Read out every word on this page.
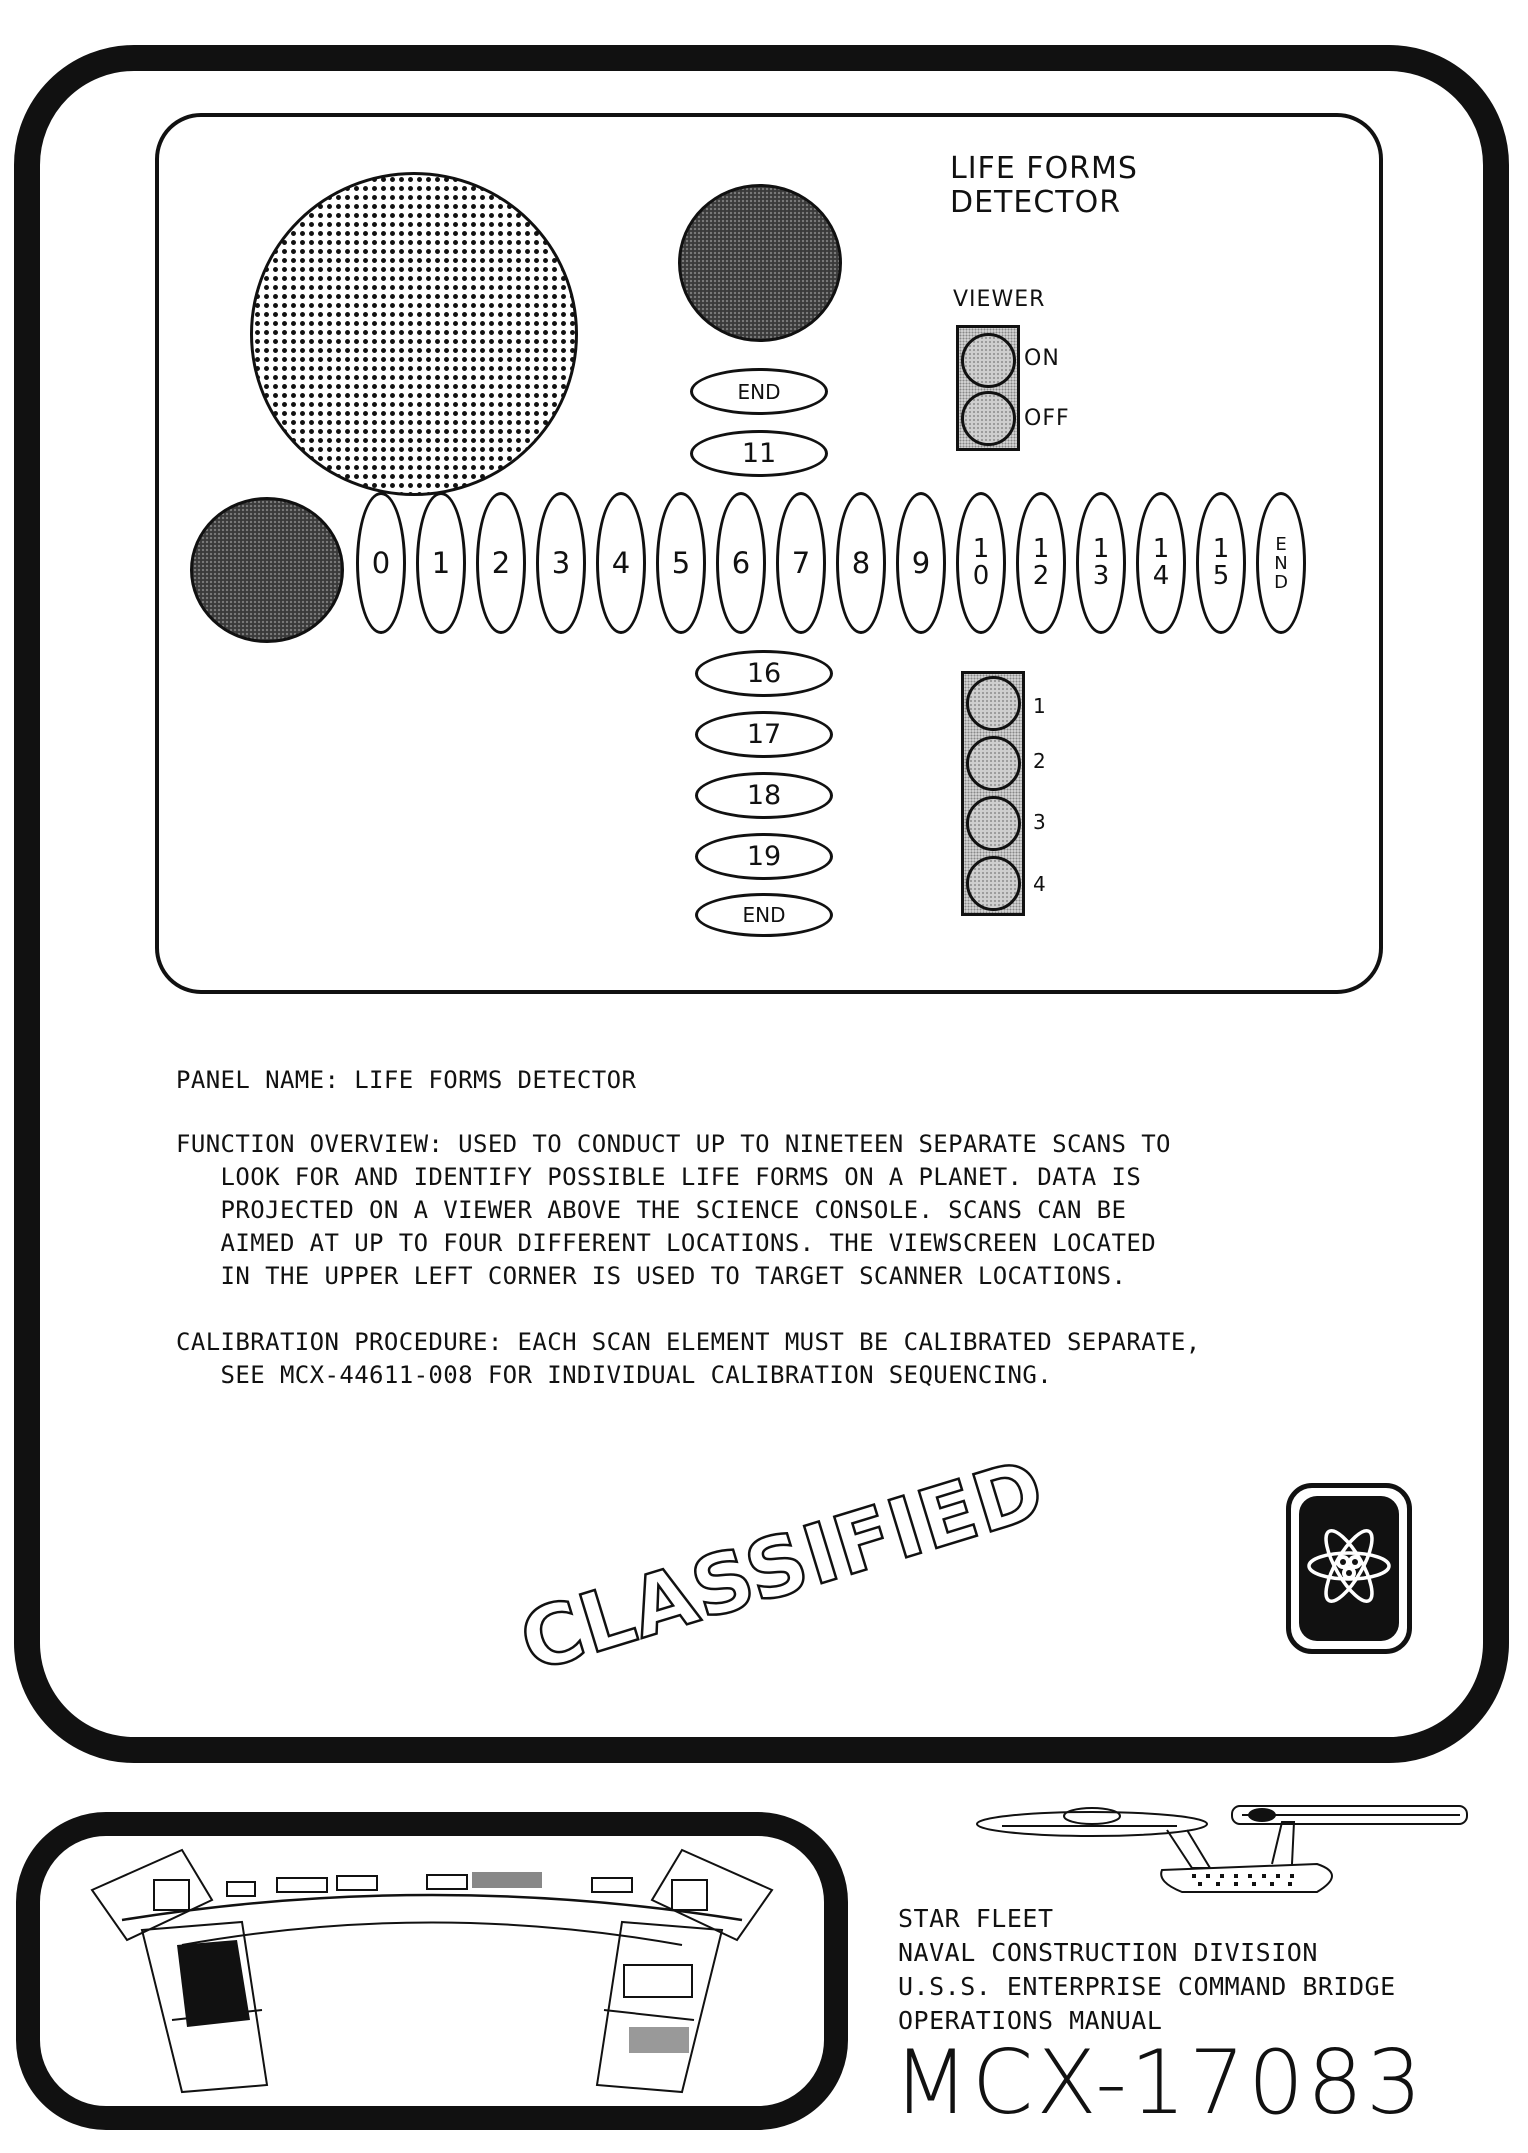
LIFE FORMS
DETECTOR
VIEWER
ON
OFF
END
11
0 1 2 3 4 5 6 7 8 9 10
12
13
14
15
END
16
17
18
19
END
1
2
3
4
PANEL NAME: LIFE FORMS DETECTOR
FUNCTION OVERVIEW: USED TO CONDUCT UP TO NINETEEN SEPARATE SCANS TO
LOOK FOR AND IDENTIFY POSSIBLE LIFE FORMS ON A PLANET. DATA IS
PROJECTED ON A VIEWER ABOVE THE SCIENCE CONSOLE. SCANS CAN BE
AIMED AT UP TO FOUR DIFFERENT LOCATIONS. THE VIEWSCREEN LOCATED
IN THE UPPER LEFT CORNER IS USED TO TARGET SCANNER LOCATIONS.
CALIBRATION PROCEDURE: EACH SCAN ELEMENT MUST BE CALIBRATED SEPARATE,
SEE MCX-44611-008 FOR INDIVIDUAL CALIBRATION SEQUENCING.
CLASSIFIED
STAR FLEET
NAVAL CONSTRUCTION DIVISION
U.S.S. ENTERPRISE COMMAND BRIDGE
OPERATIONS MANUAL
MCX-17083
